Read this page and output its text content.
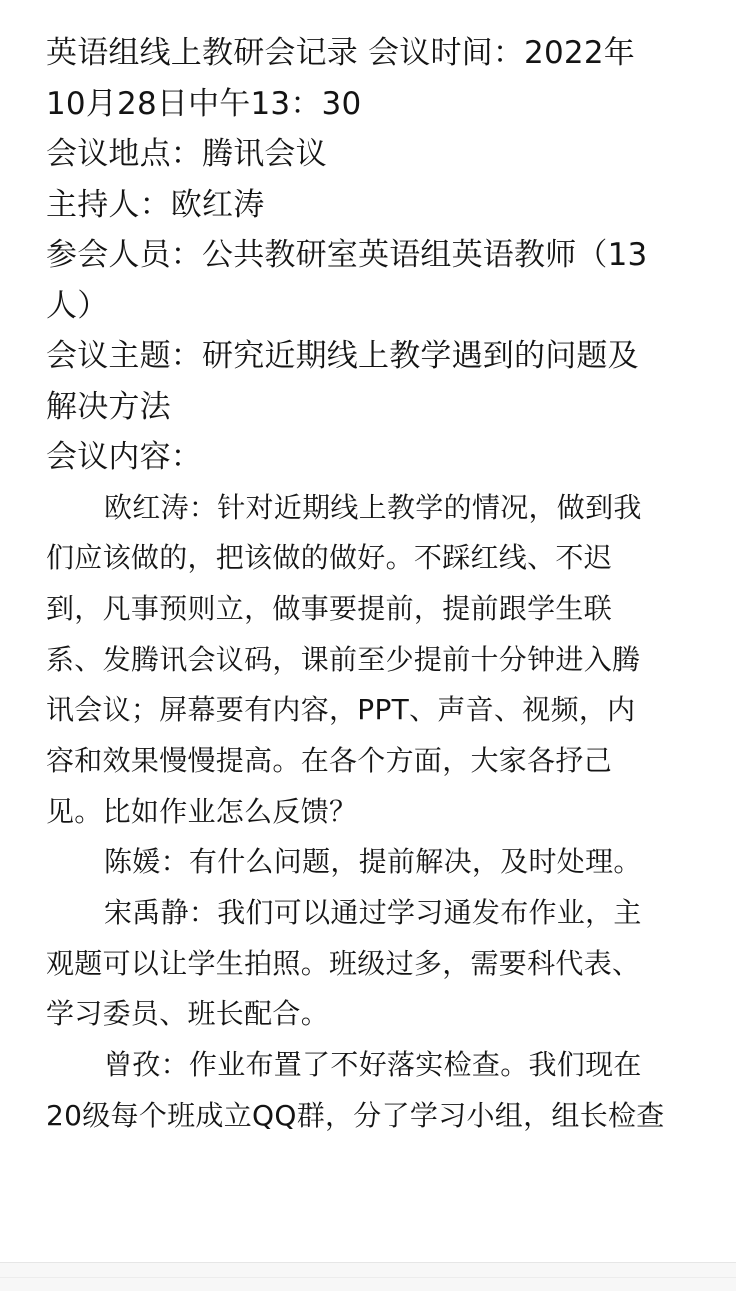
英语组线上教研会记录 会议时间：2022年
10月28日中午13：30
会议地点：腾讯会议
主持人：欧红涛
参会人员：公共教研室英语组英语教师（13
人）
会议主题：研究近期线上教学遇到的问题及
解决方法
会议内容：
欧红涛：针对近期线上教学的情况，做到我
们应该做的，把该做的做好。不踩红线、不迟
到，凡事预则立，做事要提前，提前跟学生联
系、发腾讯会议码，课前至少提前十分钟进入腾
讯会议；屏幕要有内容，PPT、声音、视频，内
容和效果慢慢提高。在各个方面，大家各抒己
见。比如作业怎么反馈？
陈媛：有什么问题，提前解决，及时处理。
宋禹静：我们可以通过学习通发布作业，主
观题可以让学生拍照。班级过多，需要科代表、
学习委员、班长配合。
曾孜：作业布置了不好落实检查。我们现在
20级每个班成立QQ群，分了学习小组，组长检查
